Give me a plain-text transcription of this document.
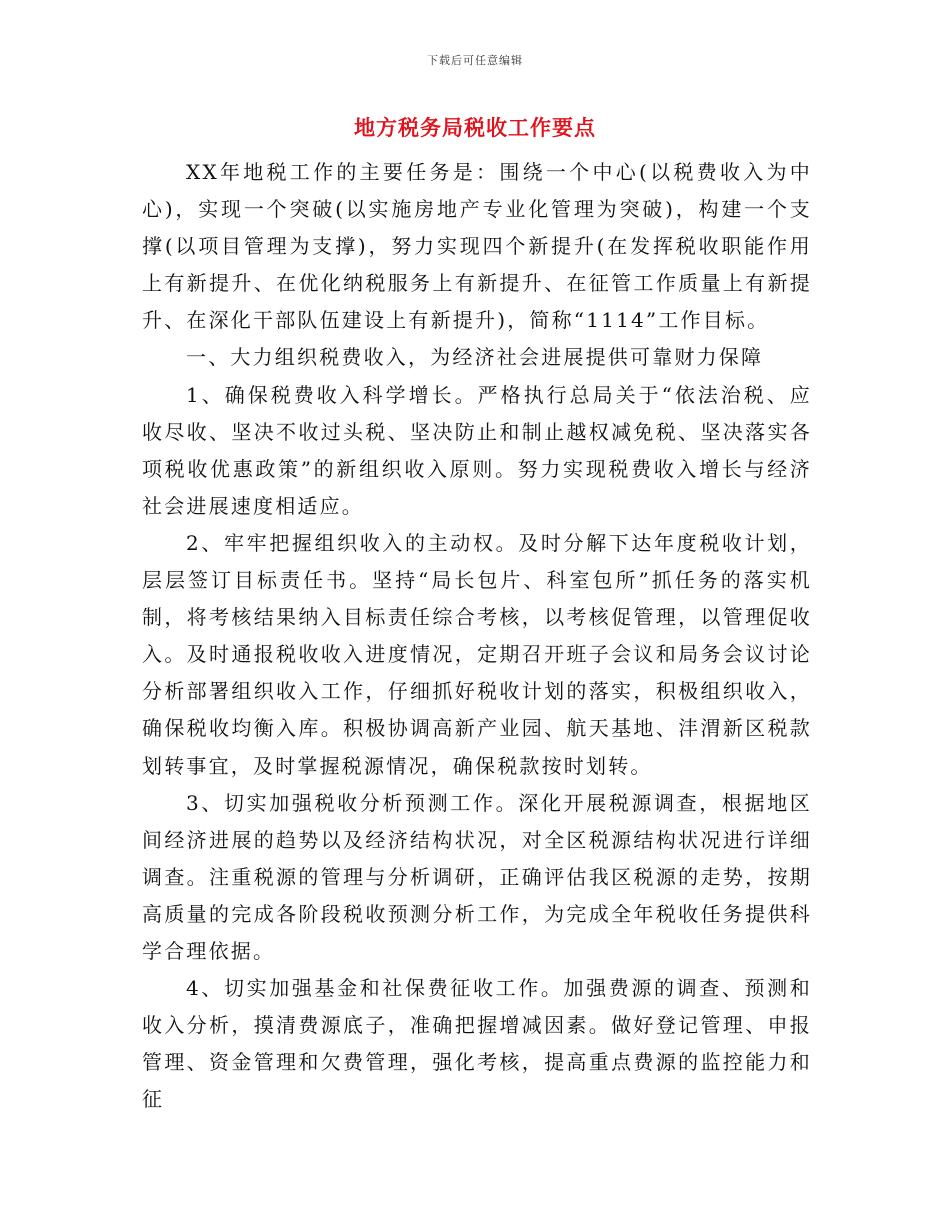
下载后可任意编辑
地方税务局税收工作要点

XX年地税工作的主要任务是：围绕一个中心(以税费收入为中心)，实现一个突破(以实施房地产专业化管理为突破)，构建一个支撑(以项目管理为支撑)，努力实现四个新提升(在发挥税收职能作用上有新提升、在优化纳税服务上有新提升、在征管工作质量上有新提升、在深化干部队伍建设上有新提升)，简称“1114”工作目标。

一、大力组织税费收入，为经济社会进展提供可靠财力保障

1、确保税费收入科学增长。严格执行总局关于“依法治税、应收尽收、坚决不收过头税、坚决防止和制止越权减免税、坚决落实各项税收优惠政策”的新组织收入原则。努力实现税费收入增长与经济社会进展速度相适应。

2、牢牢把握组织收入的主动权。及时分解下达年度税收计划，层层签订目标责任书。坚持“局长包片、科室包所”抓任务的落实机制，将考核结果纳入目标责任综合考核，以考核促管理，以管理促收入。及时通报税收收入进度情况，定期召开班子会议和局务会议讨论分析部署组织收入工作，仔细抓好税收计划的落实，积极组织收入，确保税收均衡入库。积极协调高新产业园、航天基地、沣渭新区税款划转事宜，及时掌握税源情况，确保税款按时划转。

3、切实加强税收分析预测工作。深化开展税源调查，根据地区间经济进展的趋势以及经济结构状况，对全区税源结构状况进行详细调查。注重税源的管理与分析调研，正确评估我区税源的走势，按期高质量的完成各阶段税收预测分析工作，为完成全年税收任务提供科学合理依据。

4、切实加强基金和社保费征收工作。加强费源的调查、预测和收入分析，摸清费源底子，准确把握增减因素。做好登记管理、申报管理、资金管理和欠费管理，强化考核，提高重点费源的监控能力和征
